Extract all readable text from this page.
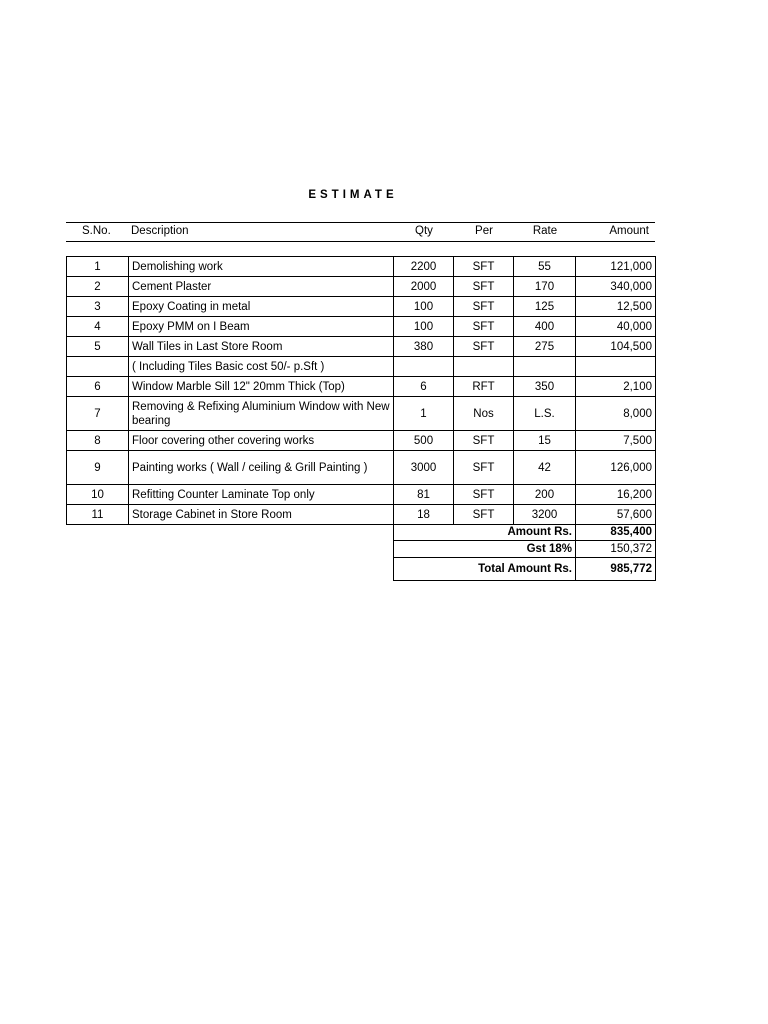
ESTIMATE
S.No. Description	Qty	Per	Rate	Amount
1	Demolishing work	2200	SFT	55	121,000
2	Cement Plaster	2000	SFT	170	340,000
3	Epoxy Coating in metal	100	SFT	125	12,500
4	Epoxy PMM on I Beam	100	SFT	400	40,000
5	Wall Tiles in Last Store Room	380	SFT	275	104,500
	( Including Tiles Basic cost 50/- p.Sft )				
6	Window Marble Sill 12" 20mm Thick (Top)	6	RFT	350	2,100
7	Removing & Refixing Aluminium Window with New bearing	1	Nos	L.S.	8,000
8	Floor covering other covering works	500	SFT	15	7,500
9	Painting works ( Wall / ceiling & Grill Painting )	3000	SFT	42	126,000
10	Refitting Counter Laminate Top only	81	SFT	200	16,200
11	Storage Cabinet in Store Room	18	SFT	3200	57,600
Amount Rs.	835,400
Gst 18%	150,372
Total Amount Rs.	985,772
